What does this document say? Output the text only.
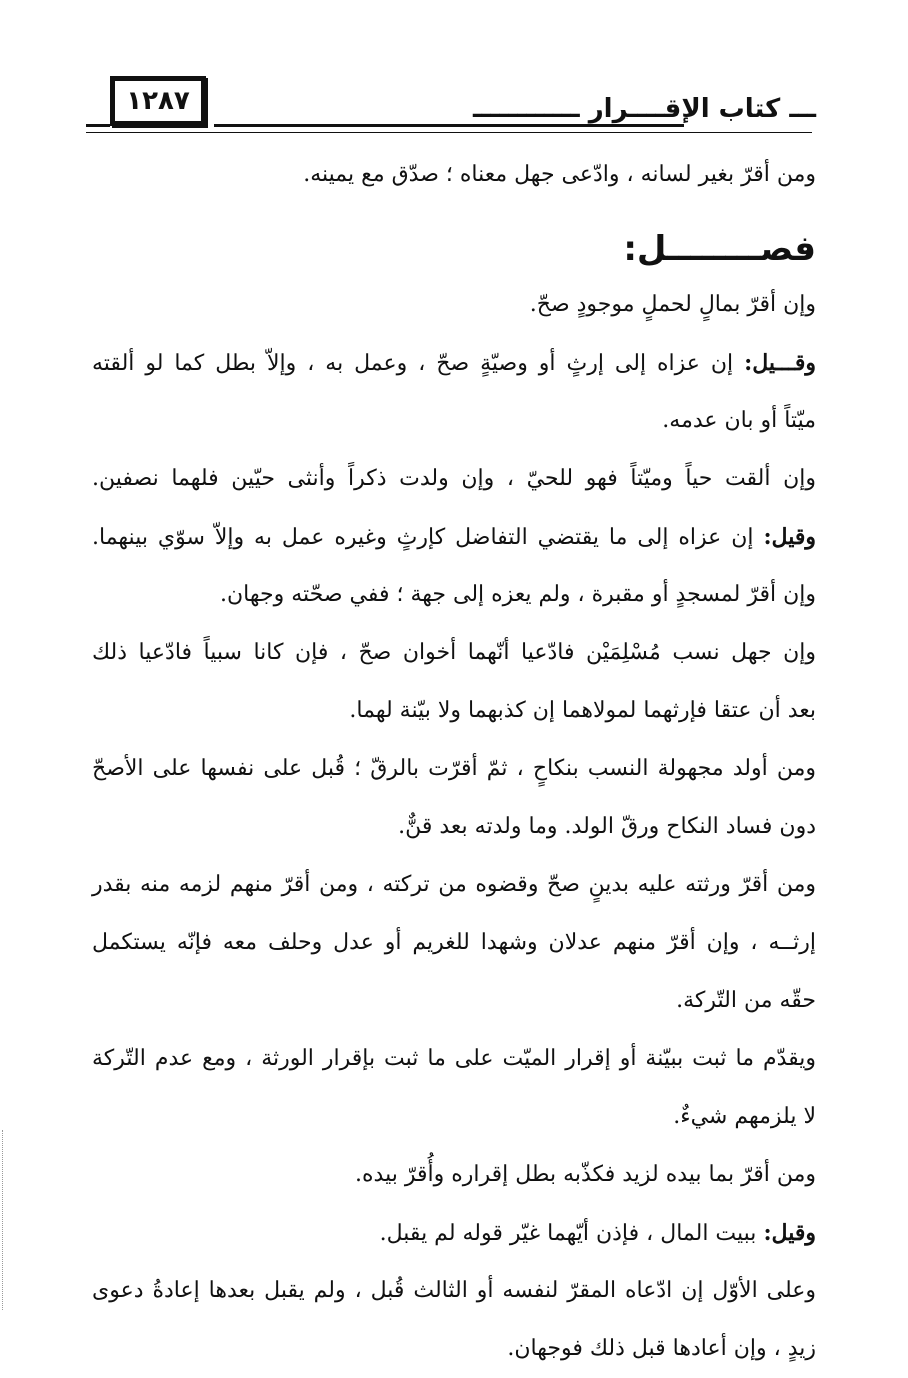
١٢٨٧	ـــ كتاب الإقــــرار ــــــــــــ
ومن أقرّ بغير لسانه ، وادّعى جهل معناه ؛ صدّق مع يمينه.
فصــــــــل:
وإن أقرّ بمالٍ لحملٍ موجودٍ صحّ.
وقـــيل: إن عزاه إلى إرثٍ أو وصيّةٍ صحّ ، وعمل به ، وإلاّ بطل كما لو ألقته
ميّتاً أو بان عدمه.
وإن ألقت حياً وميّتاً فهو للحيّ ، وإن ولدت ذكراً وأنثى حيّين فلهما نصفين.
وقيل: إن عزاه إلى ما يقتضي التفاضل كإرثٍ وغيره عمل به وإلاّ سوّي بينهما.
وإن أقرّ لمسجدٍ أو مقبرة ، ولم يعزه إلى جهة ؛ ففي صحّته وجهان.
وإن جهل نسب مُسْلِمَيْن فادّعيا أنّهما أخوان صحّ ، فإن كانا سبياً فادّعيا ذلك
بعد أن عتقا فإرثهما لمولاهما إن كذبهما ولا بيّنة لهما.
ومن أولد مجهولة النسب بنكاحٍ ، ثمّ أقرّت بالرقّ ؛ قُبل على نفسها على الأصحّ
دون فساد النكاح ورقّ الولد. وما ولدته بعد قنٌّ.
ومن أقرّ ورثته عليه بدينٍ صحّ وقضوه من تركته ، ومن أقرّ منهم لزمه منه بقدر
إرثــه ، وإن أقرّ منهم عدلان وشهدا للغريم أو عدل وحلف معه فإنّه يستكمل
حقّه من التّركة.
ويقدّم ما ثبت ببيّنة أو إقرار الميّت على ما ثبت بإقرار الورثة ، ومع عدم التّركة
لا يلزمهم شيءٌ.
ومن أقرّ بما بيده لزيد فكذّبه بطل إقراره وأُقرّ بيده.
وقيل: ببيت المال ، فإذن أيّهما غيّر قوله لم يقبل.
وعلى الأوّل إن ادّعاه المقرّ لنفسه أو الثالث قُبل ، ولم يقبل بعدها إعادةُ دعوى
زيدٍ ، وإن أعادها قبل ذلك فوجهان.
